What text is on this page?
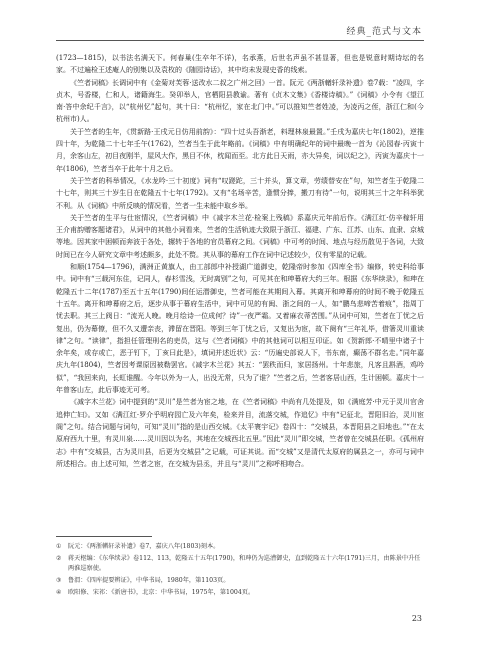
经典_范式与文本

(1723—1815)，以书法名满天下。何春巢(生卒年不详)，名承燕，后世名声虽不甚显著，但也是锐意时期诗坛的名家。不过遍检王述庵人的别集以及袁枚的《随园诗话》，其中均未发现史香的线索。

《竺者词稿》长调词中有《金菊对芙蓉·送改水二叔之广州之回》一首。阮元《两浙輶轩录补遗》卷7载：“凌四，字贞木，号香楼，仁和人，诸籍海生。癸卯举人，官栖阳县教谕。著有《贞木文集》《香楼诗稿》。”《词稿》小令有《望江南·答中余纪千言》，以“杭州忆”起句，其十曰：“杭州忆，家在北门中。”可以推知竺者姓凌，为凌丙之侄，浙江仁和(今杭州市)人。

关于竺者的生年，《贯新路·王戌元日仿用前韵》：“四十过头吾渐老，料理林泉最置。”壬戌为嘉庆七年(1802)，逆推四十年，为乾隆二十七年壬午(1762)，竺者当生于此年略前。《词稿》中有明确纪年的词中最晚一首为《沁园春·丙寅十月，余客山左，初目夜刚半，屋风大作，黑目不休，枕闻而至。北方此日天雨，亦大异矣，词以纪之》，丙寅为嘉庆十一年(1806)，竺者当卒于此年十月之后。

关于竺者的科举情况，《水龙吟·三十初度》词有“叹蹉跎，三十并头，算文章，劳绩替安在”句，知竺者生于乾隆二十七年，则其三十岁生日在乾隆五十七年(1792)。又有“名场辛苦，逢惯分捧，搬刀有待”一句，说明其三十之年科举犹不利。从《词稿》中所反映的情况看，竺者一生未能中取乡举。

关于竺者的生平与仕宦情况，《竺者词稿》中《减字木兰花·检案上残稿》系嘉庆元年前后作。《满江红·仿辛稼轩用王介甫韵赠客题诸君》，从词中的其他小词看来，竺者的生活轨迹大致限于浙江、福建、广东、江苏、山东、直隶、京城等地。因其家中困顿而奔波于各处，辗转于各地的官员幕府之间。《词稿》中可考的时间、地点与经历散见于各词，大致时间已在今人研究文章中考述颇多，此处不赘。其从事的幕府工作在词中记述较少，仅有零星的记载。

和顺(1754—1796)，满洲正黄旗人，由工部郎中补授湖广道御史，乾隆帝时参加《四库全书》编修，转史科给事中。词中有“三载河东住，记同人，春杉雪浅，无时离别”之句，可见其在和珅幕府大约三年。根据《东华续录》，和珅在乾隆五十二年(1787)至五十五年(1790)间任运潜御史，竺者可能在其期间入幕。其离开和珅幕府的时间不晚于乾隆五十五年。离开和珅幕府之后，逐步从事于幕府生活中，词中可见的有闽、浙之间的一人，如“鹏鸟悲啼苦着痕”，指周丁忧去职。其三上阀日：“流光人晚。晚月绘诗一位成何？诗”一夜严霜。又着麻衣蒂苦围。”从词中可知，竺者在丁忧之后复出，仍为幕僚，但不久又遭亲丧，滞留在晋阳。等到三年丁忧之后，又复出为宦，故下阕有“三年礼毕，借箸灵川重读律”之句。“读律”，指担任管理刑名的吏员，这与《竺者词稿》中的其他词可以相互印证。如《贺新郎·不晴里中诸子十余年矣，或存或亡，恶于钉下，丁亥曰此是》，填词并述近状》云：“历遍史部说人下，书东南，癫荡不群名走。”同年嘉庆九年(1804)，竺者因考课原因被勒罢官。《减字木兰花》其五：“罢秩而归，家居扬州。十年悲旅，凡客且斟酒，鸡吟似”，“我回来向，长虹谁醒。今年以外为一人，出没无常，只为了谁？”竺者之后，竺者客居山西，生计困顿。嘉庆十一年曾客山左，此后事迹无可考。

《减字木兰花》词中提到的“灵川”是竺者为宦之地，在《竺者词稿》中尚有几处提及，如《满庭芳·中元于灵川官舍追伸亡妇》。又如《满江红·罗介乎明府园亡及六年矣，检来并目，流落交城，作追忆》中有“记征北，晋阳旧治，灵川宦阁”之句。结合词题与词句，可知“灵川”指的是山西交城。《太平寰宇记》卷四十：“交城县，本晋阳县之旧地也。”“在太原府西九十里，有灵川泉……灵川因以为名，其地在交城西北五里。”因此“灵川”即交城，竺者曾在交城县任职。《孤州府志》中有“交城县，古为灵川县，后更为交城县”之记载，可证其说。而“交城”又是清代太原府的属县之一，亦可与词中所述相合。由上述可知，竺者之宦，在交城为县丞，并且与“灵川”之称呼相吻合。

①	阮元：《两浙輶轩录补遗》卷7，嘉庆八年(1803)刻本。
②	蒋天枢编：《东华续录》卷112、113，乾隆五十五年(1790)，和珅仍为巡漕御史，直到乾隆五十六年(1791)三月，由陈景中升任两淮巡察使。
③	鲁渭：《四库提要辨证》，中华书局，1980年，第1103页。
④	欧阳修、宋祁：《新唐书》，北京：中华书局，1975年，第1004页。
23
